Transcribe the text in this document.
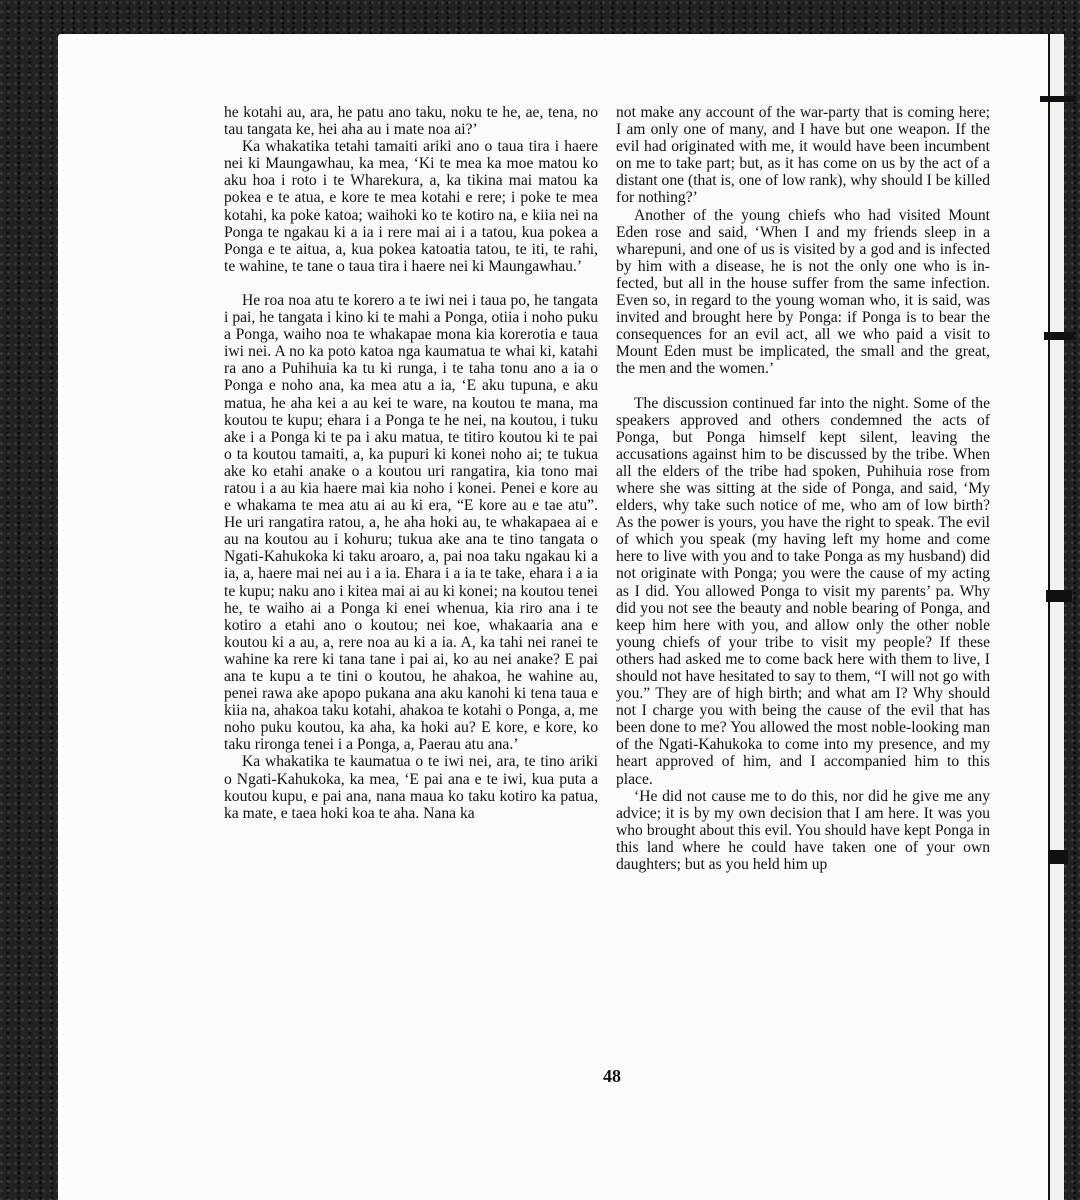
he kotahi au, ara, he patu ano taku, noku te he, ae, tena, no tau tangata ke, hei aha au i mate noa ai?’

Ka whakatika tetahi tamaiti ariki ano o taua tira i haere nei ki Maungawhau, ka mea, ‘Ki te mea ka moe matou ko aku hoa i roto i te Wharekura, a, ka tikina mai matou ka pokea e te atua, e kore te mea kotahi e rere; i poke te mea kotahi, ka poke katoa; waihoki ko te kotiro na, e kiia nei na Ponga te ngakau ki a ia i rere mai ai i a tatou, kua pokea a Ponga e te aitua, a, kua pokea katoatia tatou, te iti, te rahi, te wahine, te tane o taua tira i haere nei ki Maungawhau.’

He roa noa atu te korero a te iwi nei i taua po, he tangata i pai, he tangata i kino ki te mahi a Ponga, otiia i noho puku a Ponga, waiho noa te whakapae mona kia korerotia e taua iwi nei. A no ka poto katoa nga kaumatua te whai ki, katahi ra ano a Puhihuia ka tu ki runga, i te taha tonu ano a ia o Ponga e noho ana, ka mea atu a ia, ‘E aku tupuna, e aku matua, he aha kei a au kei te ware, na koutou te mana, ma koutou te kupu; ehara i a Ponga te he nei, na koutou, i tuku ake i a Ponga ki te pa i aku matua, te titiro koutou ki te pai o ta koutou tamaiti, a, ka pupuri ki konei noho ai; te tukua ake ko etahi anake o a koutou uri rangatira, kia tono mai ratou i a au kia haere mai kia noho i konei. Penei e kore au e whakama te mea atu ai au ki era, “E kore au e tae atu”. He uri rangatira ratou, a, he aha hoki au, te whakapaea ai e au na koutou au i kohuru; tukua ake ana te tino tangata o Ngati-Kahukoka ki taku aroaro, a, pai noa taku ngakau ki a ia, a, haere mai nei au i a ia. Ehara i a ia te take, ehara i a ia te kupu; naku ano i kitea mai ai au ki konei; na koutou tenei he, te waiho ai a Ponga ki enei whenua, kia riro ana i te kotiro a etahi ano o koutou; nei koe, whakaaria ana e koutou ki a au, a, rere noa au ki a ia. A, ka tahi nei ranei te wahine ka rere ki tana tane i pai ai, ko au nei anake? E pai ana te kupu a te tini o koutou, he ahakoa, he wahine au, penei rawa ake apopo pukana ana aku kanohi ki tena taua e kiia na, ahakoa taku kotahi, ahakoa te kotahi o Ponga, a, me noho puku koutou, ka aha, ka hoki au? E kore, e kore, ko taku rironga tenei i a Ponga, a, Paerau atu ana.’

Ka whakatika te kaumatua o te iwi nei, ara, te tino ariki o Ngati-Kahukoka, ka mea, ‘E pai ana e te iwi, kua puta a koutou kupu, e pai ana, nana maua ko taku kotiro ka patua, ka mate, e taea hoki koa te aha. Nana ka

not make any account of the war-party that is coming here; I am only one of many, and I have but one weapon. If the evil had originated with me, it would have been incumbent on me to take part; but, as it has come on us by the act of a distant one (that is, one of low rank), why should I be killed for nothing?’

Another of the young chiefs who had visited Mount Eden rose and said, ‘When I and my friends sleep in a wharepuni, and one of us is visited by a god and is infected by him with a disease, he is not the only one who is infected, but all in the house suffer from the same infection. Even so, in regard to the young woman who, it is said, was invited and brought here by Ponga: if Ponga is to bear the consequences for an evil act, all we who paid a visit to Mount Eden must be implicated, the small and the great, the men and the women.’

The discussion continued far into the night. Some of the speakers approved and others condemned the acts of Ponga, but Ponga himself kept silent, leaving the accusations against him to be discussed by the tribe. When all the elders of the tribe had spoken, Puhihuia rose from where she was sitting at the side of Ponga, and said, ‘My elders, why take such notice of me, who am of low birth? As the power is yours, you have the right to speak. The evil of which you speak (my having left my home and come here to live with you and to take Ponga as my husband) did not originate with Ponga; you were the cause of my acting as I did. You allowed Ponga to visit my parents’ pa. Why did you not see the beauty and noble bearing of Ponga, and keep him here with you, and allow only the other noble young chiefs of your tribe to visit my people? If these others had asked me to come back here with them to live, I should not have hesitated to say to them, “I will not go with you.” They are of high birth; and what am I? Why should not I charge you with being the cause of the evil that has been done to me? You allowed the most noble-looking man of the Ngati-Kahukoka to come into my presence, and my heart approved of him, and I accompanied him to this place.

‘He did not cause me to do this, nor did he give me any advice; it is by my own decision that I am here. It was you who brought about this evil. You should have kept Ponga in this land where he could have taken one of your own daughters; but as you held him up

48
